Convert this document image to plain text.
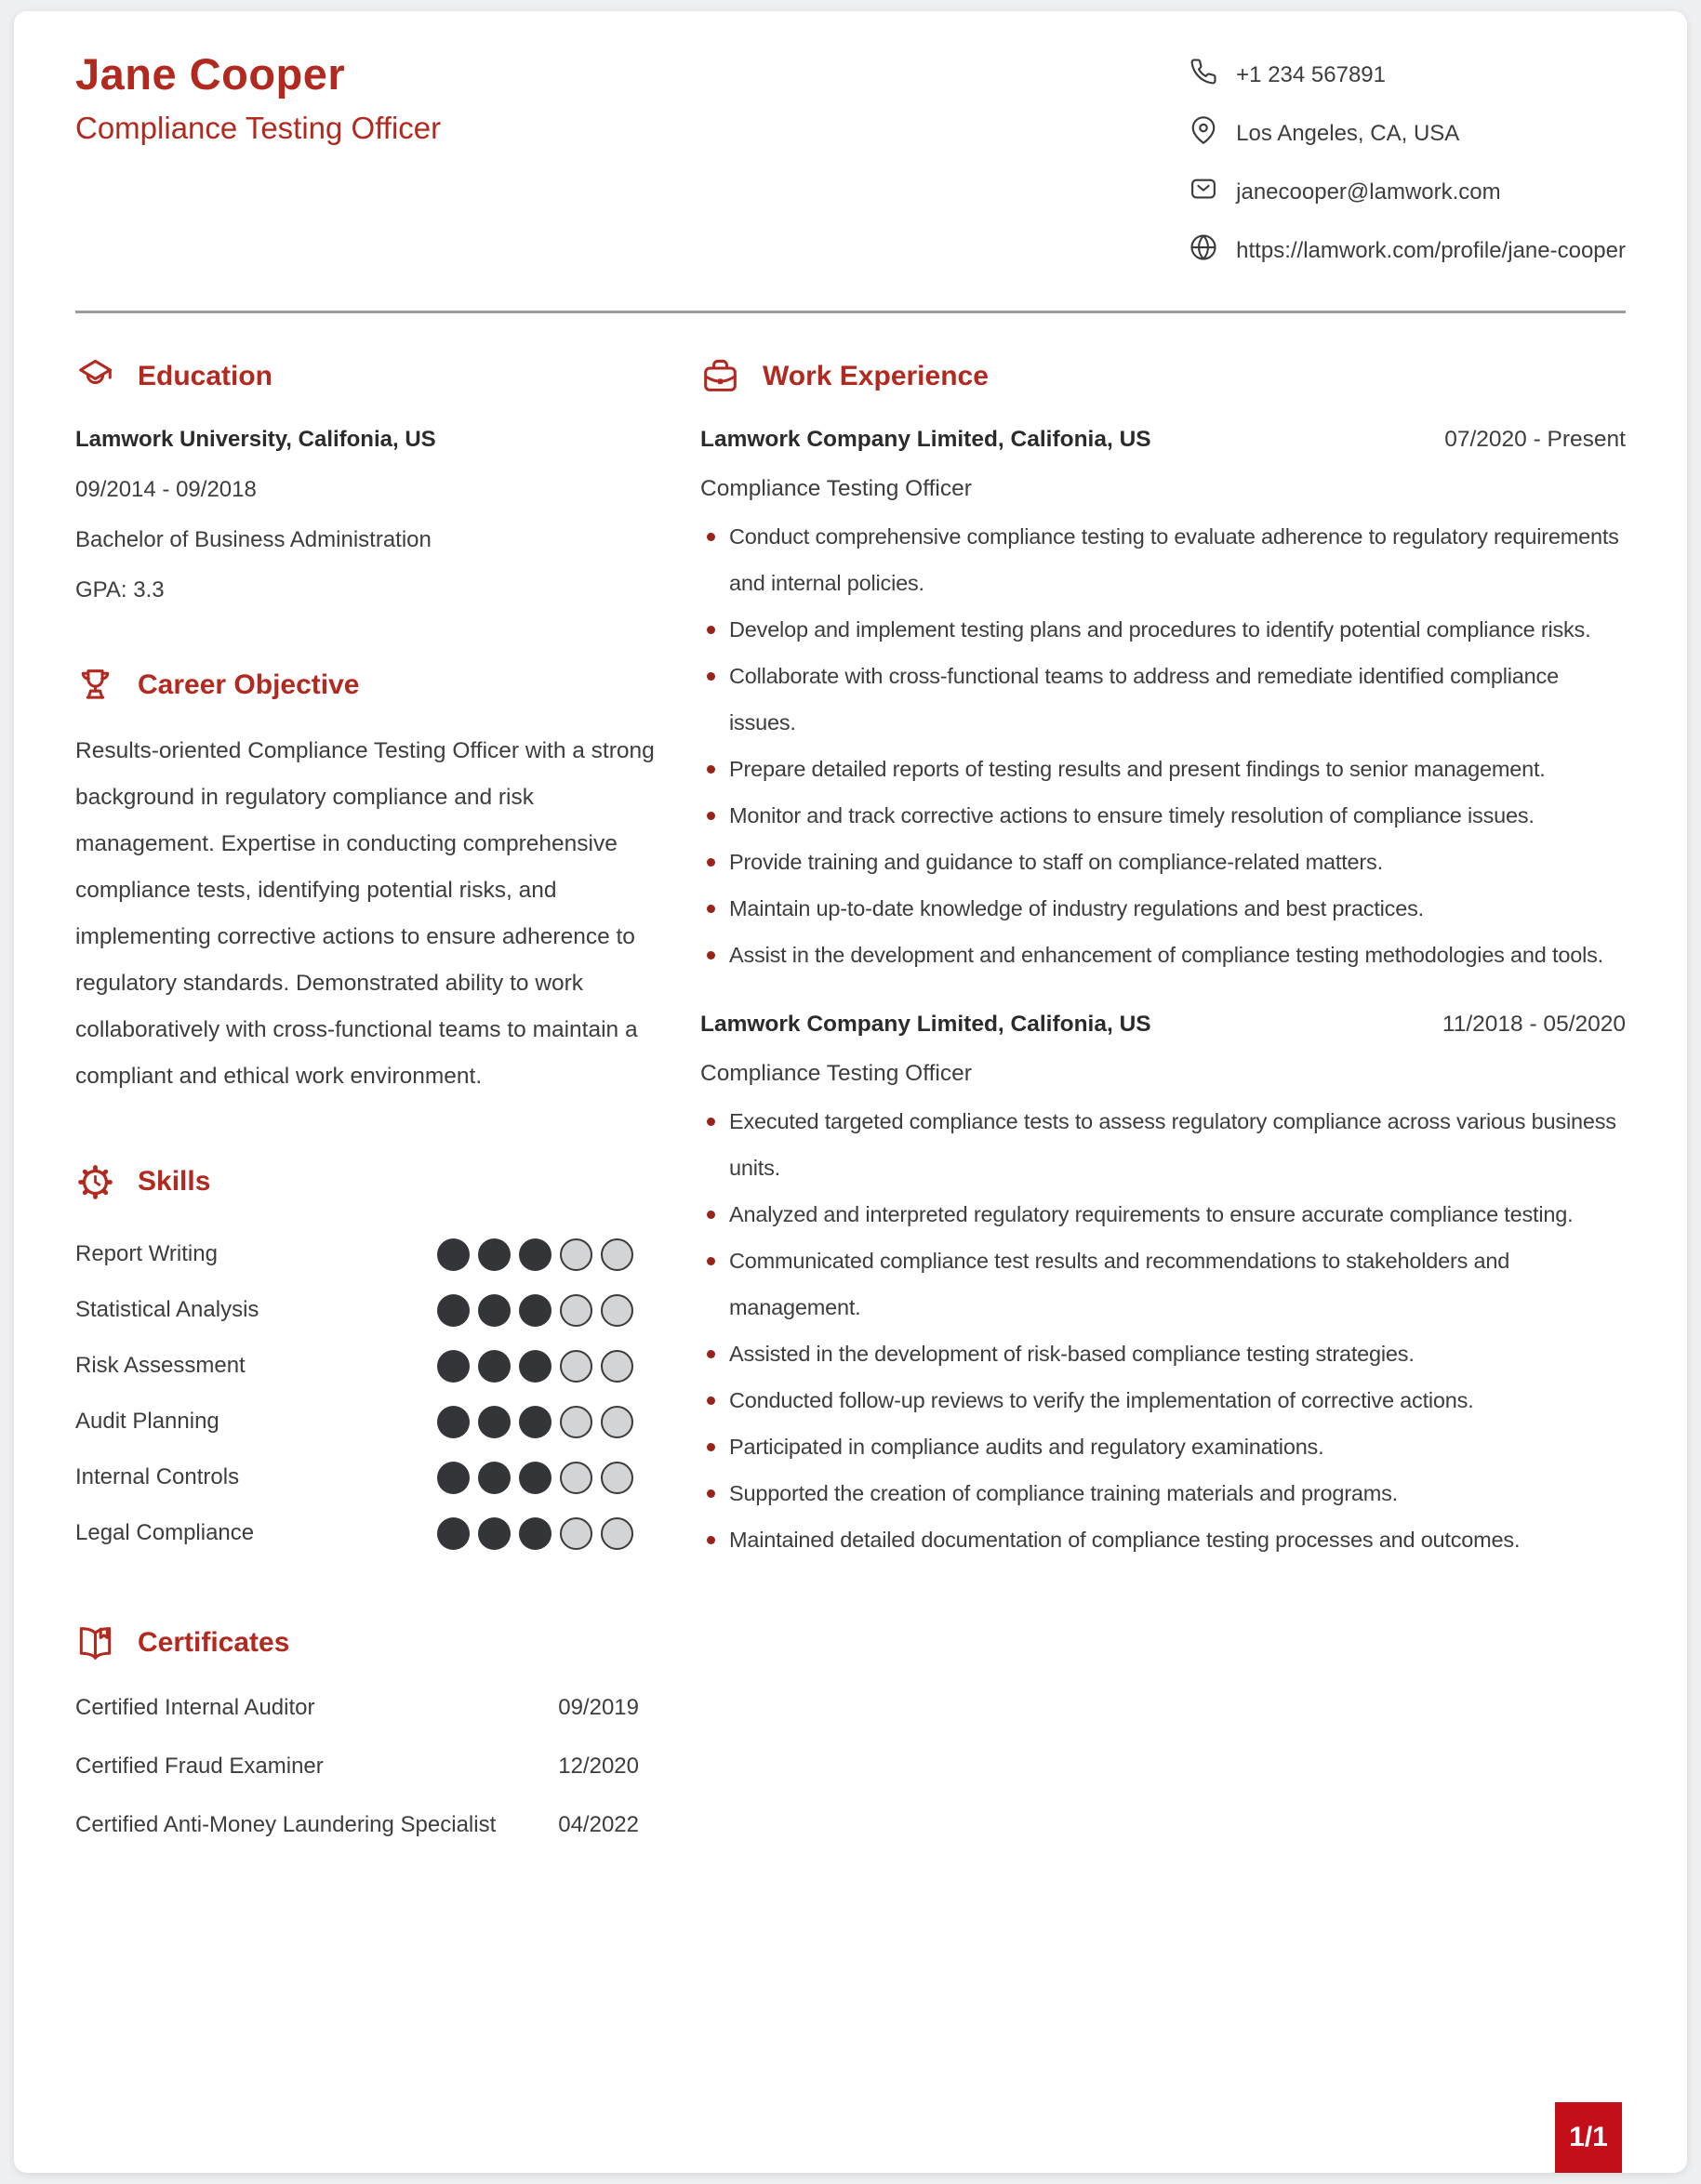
Jane Cooper
Compliance Testing Officer
+1 234 567891
Los Angeles, CA, USA
janecooper@lamwork.com
https://lamwork.com/profile/jane-cooper
Education
Lamwork University, Califonia, US
09/2014 - 09/2018
Bachelor of Business Administration
GPA: 3.3
Career Objective

Results-oriented Compliance Testing Officer with a strong background in regulatory compliance and risk management. Expertise in conducting comprehensive compliance tests, identifying potential risks, and implementing corrective actions to ensure adherence to regulatory standards. Demonstrated ability to work collaboratively with cross-functional teams to maintain a compliant and ethical work environment.

Skills
Report Writing
Statistical Analysis
Risk Assessment
Audit Planning
Internal Controls
Legal Compliance
Certificates
Certified Internal Auditor	09/2019
Certified Fraud Examiner	12/2020
Certified Anti-Money Laundering Specialist	04/2022
Work Experience
Lamwork Company Limited, Califonia, US	07/2020 - Present
Compliance Testing Officer
Conduct comprehensive compliance testing to evaluate adherence to regulatory requirements and internal policies.
Develop and implement testing plans and procedures to identify potential compliance risks.
Collaborate with cross-functional teams to address and remediate identified compliance issues.
Prepare detailed reports of testing results and present findings to senior management.
Monitor and track corrective actions to ensure timely resolution of compliance issues.
Provide training and guidance to staff on compliance-related matters.
Maintain up-to-date knowledge of industry regulations and best practices.
Assist in the development and enhancement of compliance testing methodologies and tools.
Lamwork Company Limited, Califonia, US	11/2018 - 05/2020
Compliance Testing Officer
Executed targeted compliance tests to assess regulatory compliance across various business units.
Analyzed and interpreted regulatory requirements to ensure accurate compliance testing.
Communicated compliance test results and recommendations to stakeholders and management.
Assisted in the development of risk-based compliance testing strategies.
Conducted follow-up reviews to verify the implementation of corrective actions.
Participated in compliance audits and regulatory examinations.
Supported the creation of compliance training materials and programs.
Maintained detailed documentation of compliance testing processes and outcomes.
1/1
